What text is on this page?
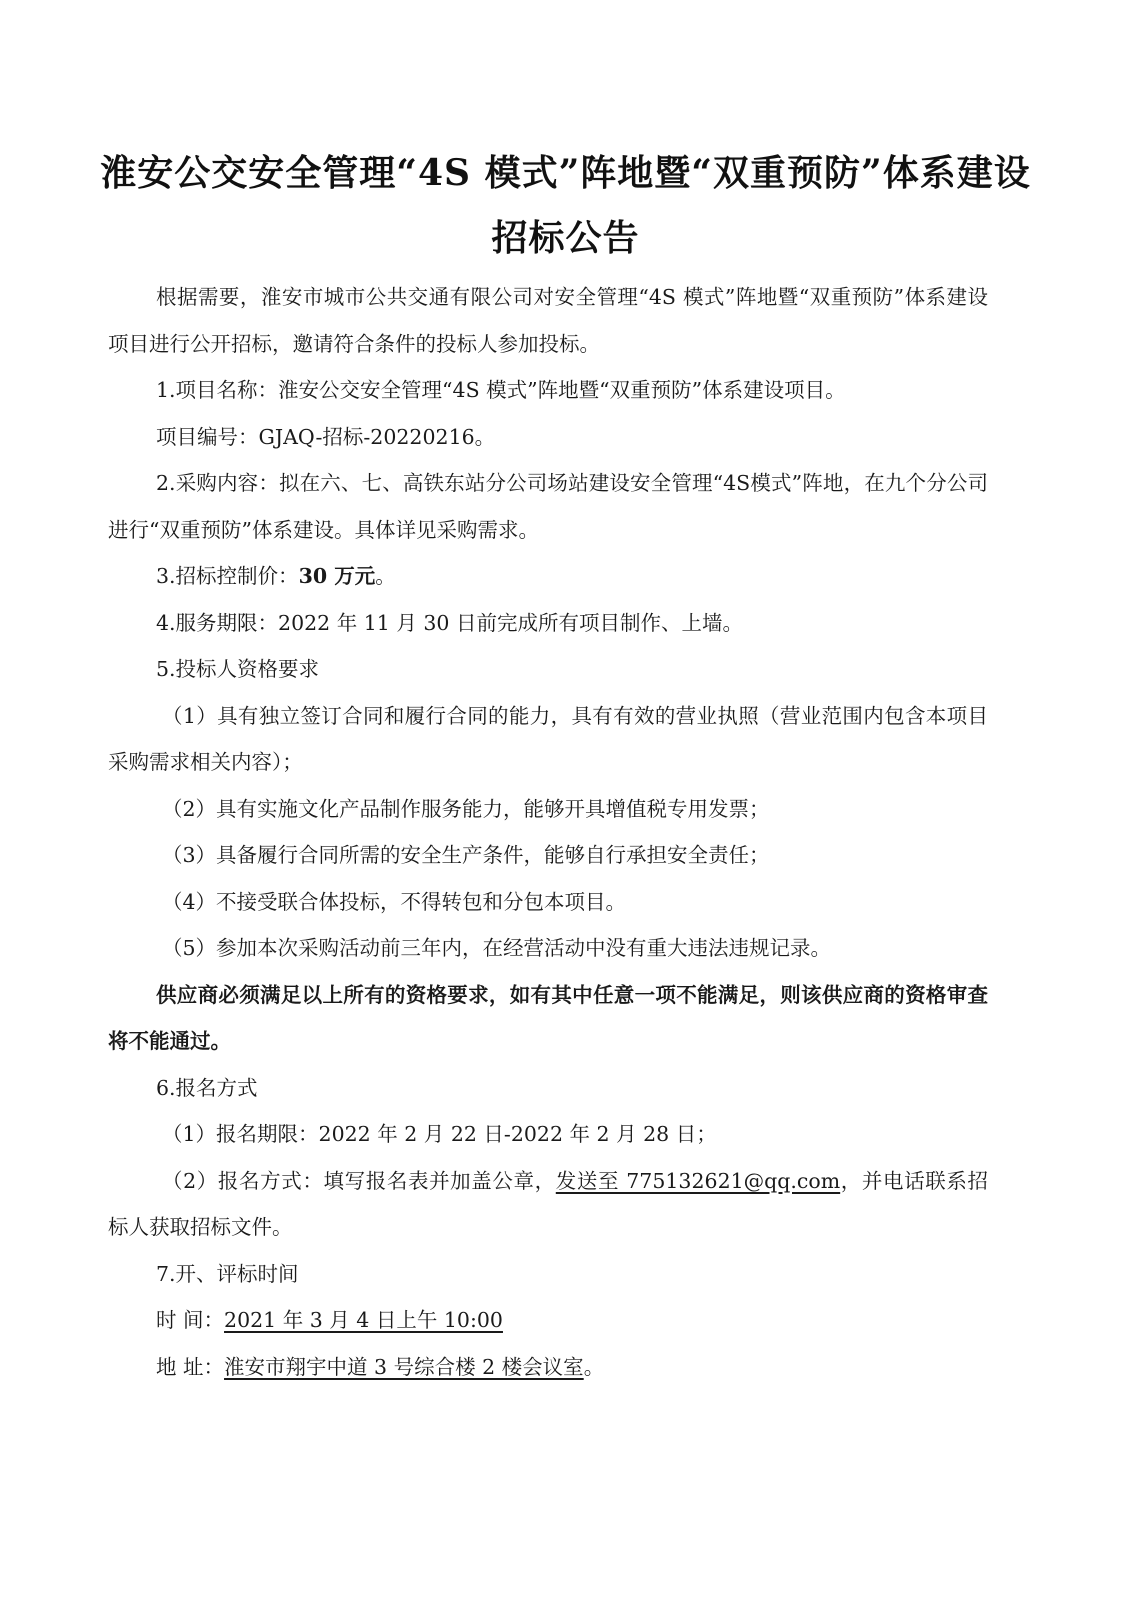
淮安公交安全管理“4S 模式”阵地暨“双重预防”体系建设
招标公告

根据需要，淮安市城市公共交通有限公司对安全管理“4S 模式”阵地暨“双重预防”体系建设项目进行公开招标，邀请符合条件的投标人参加投标。

1.项目名称：淮安公交安全管理“4S 模式”阵地暨“双重预防”体系建设项目。

项目编号：GJAQ-招标-20220216。

2.采购内容：拟在六、七、高铁东站分公司场站建设安全管理“4S模式”阵地，在九个分公司进行“双重预防”体系建设。具体详见采购需求。

3.招标控制价：30 万元。

4.服务期限：2022 年 11 月 30 日前完成所有项目制作、上墙。

5.投标人资格要求

（1）具有独立签订合同和履行合同的能力，具有有效的营业执照（营业范围内包含本项目采购需求相关内容）；

（2）具有实施文化产品制作服务能力，能够开具增值税专用发票；

（3）具备履行合同所需的安全生产条件，能够自行承担安全责任；

（4）不接受联合体投标，不得转包和分包本项目。

（5）参加本次采购活动前三年内，在经营活动中没有重大违法违规记录。

供应商必须满足以上所有的资格要求，如有其中任意一项不能满足，则该供应商的资格审查将不能通过。

6.报名方式

（1）报名期限：2022 年 2 月 22 日-2022 年 2 月 28 日；

（2）报名方式：填写报名表并加盖公章，发送至 775132621@qq.com，并电话联系招标人获取招标文件。

7.开、评标时间

时 间：2021 年 3 月 4 日上午 10:00

地 址：淮安市翔宇中道 3 号综合楼 2 楼会议室。
